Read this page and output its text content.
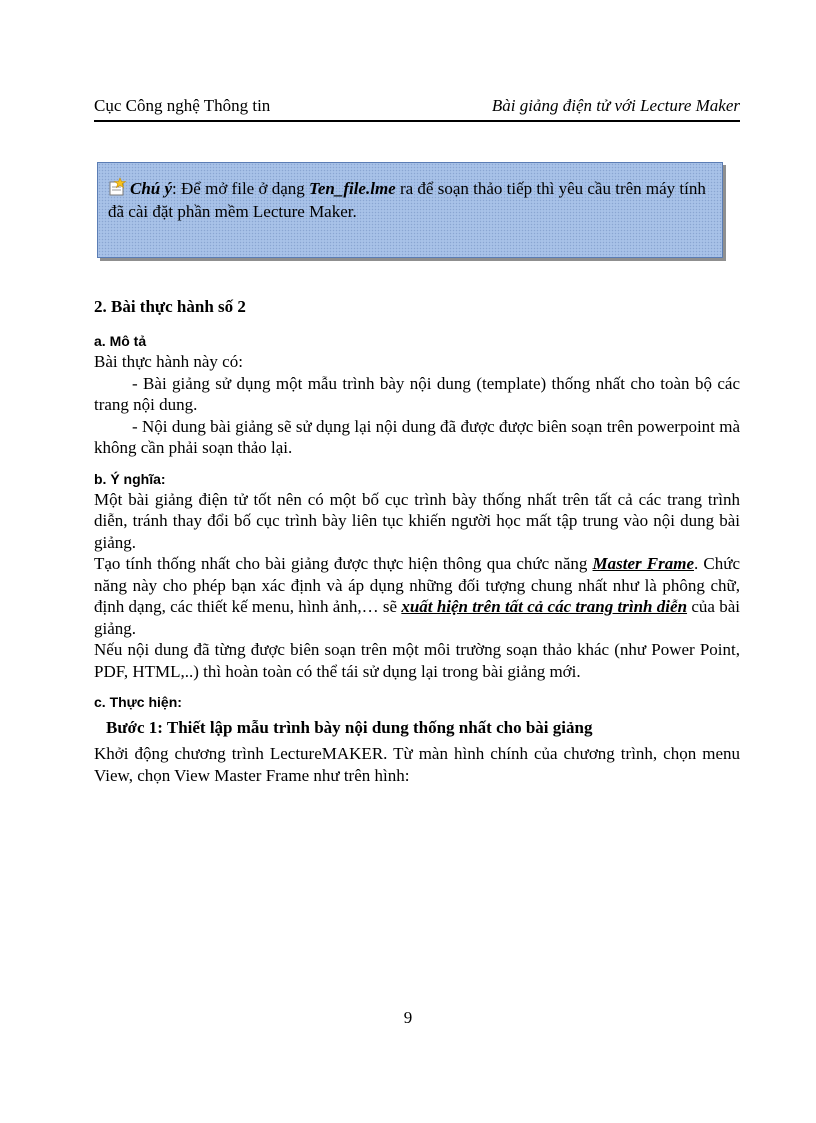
Cục Công nghệ Thông tin	Bài giảng điện tử với Lecture Maker
Chú ý: Để mở file ở dạng Ten_file.lme ra để soạn thảo tiếp thì yêu cầu trên máy tính đã cài đặt phần mềm Lecture Maker.

2. Bài thực hành số 2

a. Mô tả

Bài thực hành này có:

- Bài giảng sử dụng một mẫu trình bày nội dung (template) thống nhất cho toàn bộ các trang nội dung.

- Nội dung bài giảng sẽ sử dụng lại nội dung đã được được biên soạn trên powerpoint mà không cần phải soạn thảo lại.

b. Ý nghĩa:

Một bài giảng điện tử tốt nên có một bố cục trình bày thống nhất trên tất cả các trang trình diễn, tránh thay đổi bố cục trình bày liên tục khiến người học mất tập trung vào nội dung bài giảng.

Tạo tính thống nhất cho bài giảng được thực hiện thông qua chức năng Master Frame. Chức năng này cho phép bạn xác định và áp dụng những đối tượng chung nhất như là phông chữ, định dạng, các thiết kế menu, hình ảnh,… sẽ xuất hiện trên tất cả các trang trình diễn của bài giảng.

Nếu nội dung đã từng được biên soạn trên một môi trường soạn thảo khác (như Power Point, PDF, HTML,..) thì hoàn toàn có thể tái sử dụng lại trong bài giảng mới.

c. Thực hiện:

Bước 1: Thiết lập mẫu trình bày nội dung thống nhất cho bài giảng

Khởi động chương trình LectureMAKER. Từ màn hình chính của chương trình, chọn menu View, chọn View Master Frame như trên hình:

9
